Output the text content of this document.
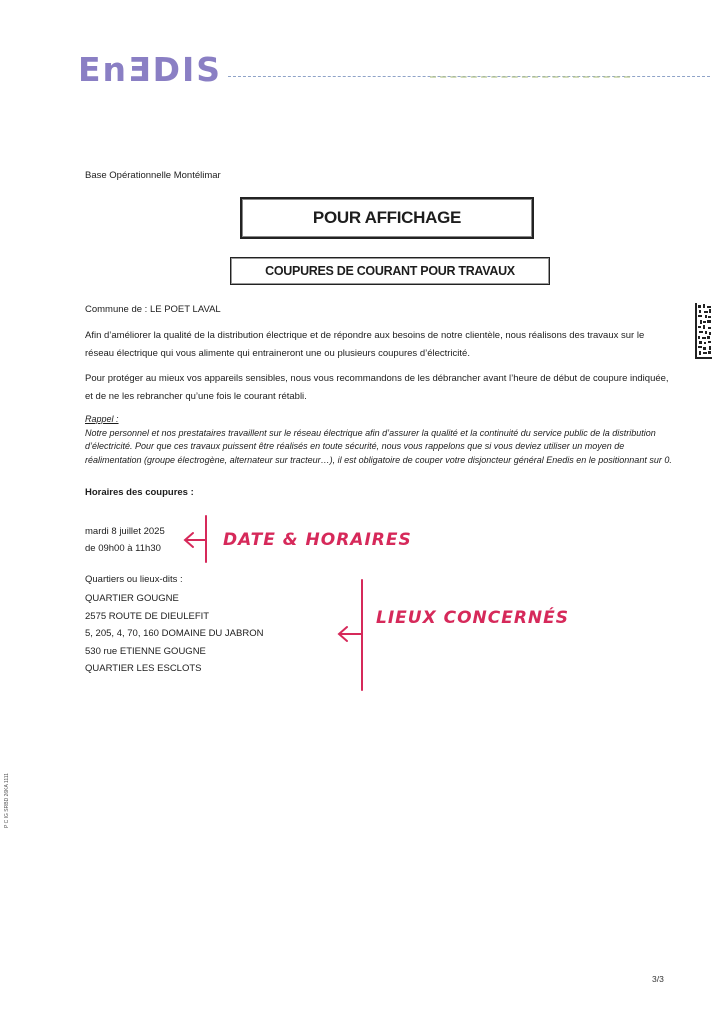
EnƎDIS
Base Opérationnelle Montélimar
POUR AFFICHAGE
COUPURES DE COURANT POUR TRAVAUX
Commune de : LE POET LAVAL
Afin d’améliorer la qualité de la distribution électrique et de répondre aux besoins de notre clientèle, nous réalisons des travaux sur le réseau électrique qui vous alimente qui entraineront une ou plusieurs coupures d’électricité.
Pour protéger au mieux vos appareils sensibles, nous vous recommandons de les débrancher avant l’heure de début de coupure indiquée, et de ne les rebrancher qu’une fois le courant rétabli.
Rappel :
Notre personnel et nos prestataires travaillent sur le réseau électrique afin d’assurer la qualité et la continuité du service public de la distribution d’électricité. Pour que ces travaux puissent être réalisés en toute sécurité, nous vous rappelons que si vous deviez utiliser un moyen de réalimentation (groupe électrogène, alternateur sur tracteur…), il est obligatoire de couper votre disjoncteur général Enedis en le positionnant sur 0.
Horaires des coupures :
mardi 8 juillet 2025
de 09h00 à 11h30
Quartiers ou lieux-dits :
QUARTIER GOUGNE
2575 ROUTE DE DIEULEFIT
5, 205, 4, 70, 160 DOMAINE DU JABRON
530 rue ETIENNE GOUGNE
QUARTIER LES ESCLOTS
DATE & HORAIRES
LIEUX CONCERNÉS
P C IG SRBD 26KA 1111
3/3
